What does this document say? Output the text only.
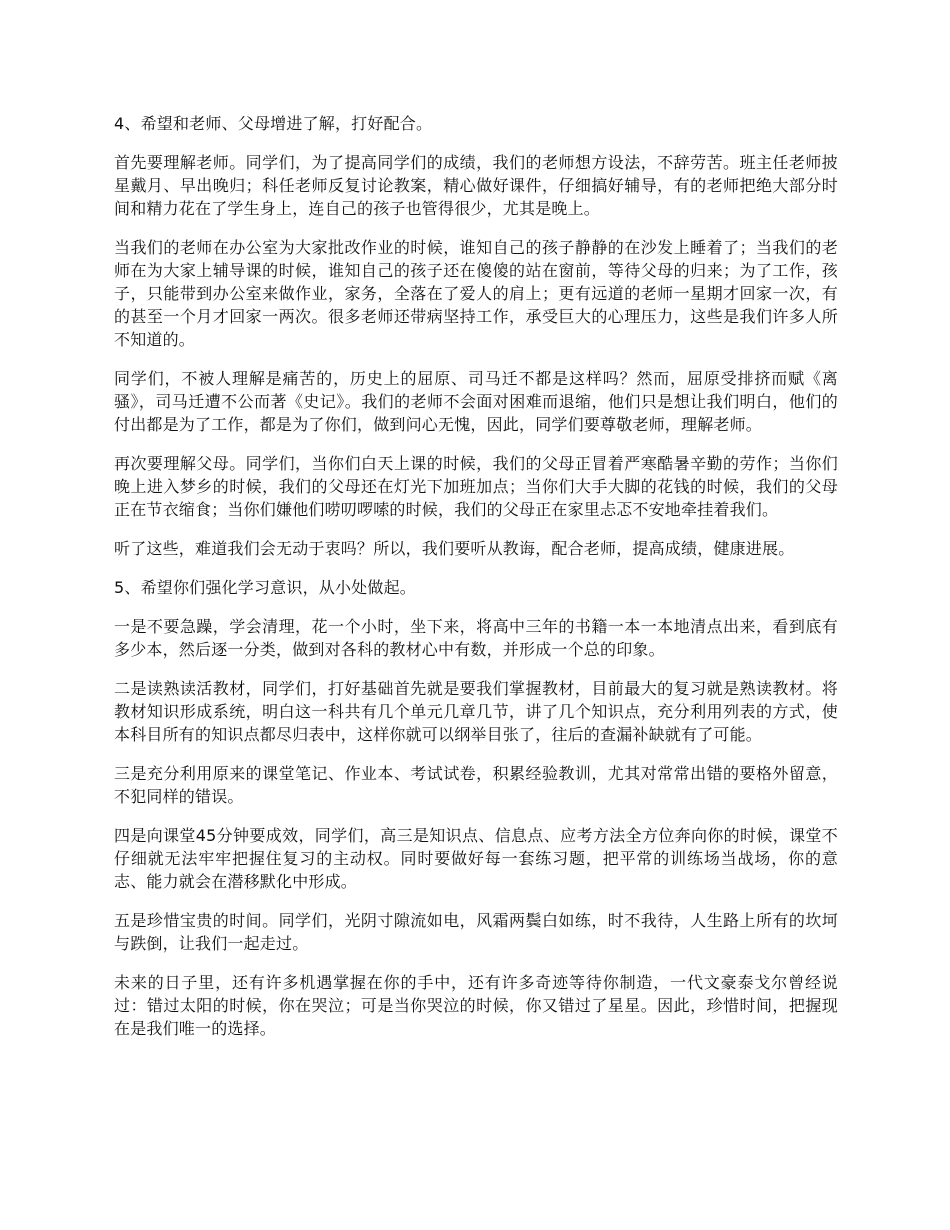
4、希望和老师、父母增进了解，打好配合。

首先要理解老师。同学们，为了提高同学们的成绩，我们的老师想方设法，不辞劳苦。班主任老师披星戴月、早出晚归；科任老师反复讨论教案，精心做好课件，仔细搞好辅导，有的老师把绝大部分时间和精力花在了学生身上，连自己的孩子也管得很少，尤其是晚上。

当我们的老师在办公室为大家批改作业的时候，谁知自己的孩子静静的在沙发上睡着了；当我们的老师在为大家上辅导课的时候，谁知自己的孩子还在傻傻的站在窗前，等待父母的归来；为了工作，孩子，只能带到办公室来做作业，家务，全落在了爱人的肩上；更有远道的老师一星期才回家一次，有的甚至一个月才回家一两次。很多老师还带病坚持工作，承受巨大的心理压力，这些是我们许多人所不知道的。

同学们，不被人理解是痛苦的，历史上的屈原、司马迁不都是这样吗？然而，屈原受排挤而赋《离骚》，司马迁遭不公而著《史记》。我们的老师不会面对困难而退缩，他们只是想让我们明白，他们的付出都是为了工作，都是为了你们，做到问心无愧，因此，同学们要尊敬老师，理解老师。

再次要理解父母。同学们，当你们白天上课的时候，我们的父母正冒着严寒酷暑辛勤的劳作；当你们晚上进入梦乡的时候，我们的父母还在灯光下加班加点；当你们大手大脚的花钱的时候，我们的父母正在节衣缩食；当你们嫌他们唠叨啰嗦的时候，我们的父母正在家里忐忑不安地牵挂着我们。

听了这些，难道我们会无动于衷吗？所以，我们要听从教诲，配合老师，提高成绩，健康进展。

5、希望你们强化学习意识，从小处做起。

一是不要急躁，学会清理，花一个小时，坐下来，将高中三年的书籍一本一本地清点出来，看到底有多少本，然后逐一分类，做到对各科的教材心中有数，并形成一个总的印象。

二是读熟读活教材，同学们，打好基础首先就是要我们掌握教材，目前最大的复习就是熟读教材。将教材知识形成系统，明白这一科共有几个单元几章几节，讲了几个知识点，充分利用列表的方式，使本科目所有的知识点都尽归表中，这样你就可以纲举目张了，往后的查漏补缺就有了可能。

三是充分利用原来的课堂笔记、作业本、考试试卷，积累经验教训，尤其对常常出错的要格外留意，不犯同样的错误。

四是向课堂45分钟要成效，同学们，高三是知识点、信息点、应考方法全方位奔向你的时候，课堂不仔细就无法牢牢把握住复习的主动权。同时要做好每一套练习题，把平常的训练场当战场，你的意志、能力就会在潜移默化中形成。

五是珍惜宝贵的时间。同学们，光阴寸隙流如电，风霜两鬓白如练，时不我待，人生路上所有的坎坷与跌倒，让我们一起走过。

未来的日子里，还有许多机遇掌握在你的手中，还有许多奇迹等待你制造，一代文豪泰戈尔曾经说过：错过太阳的时候，你在哭泣；可是当你哭泣的时候，你又错过了星星。因此，珍惜时间，把握现在是我们唯一的选择。
